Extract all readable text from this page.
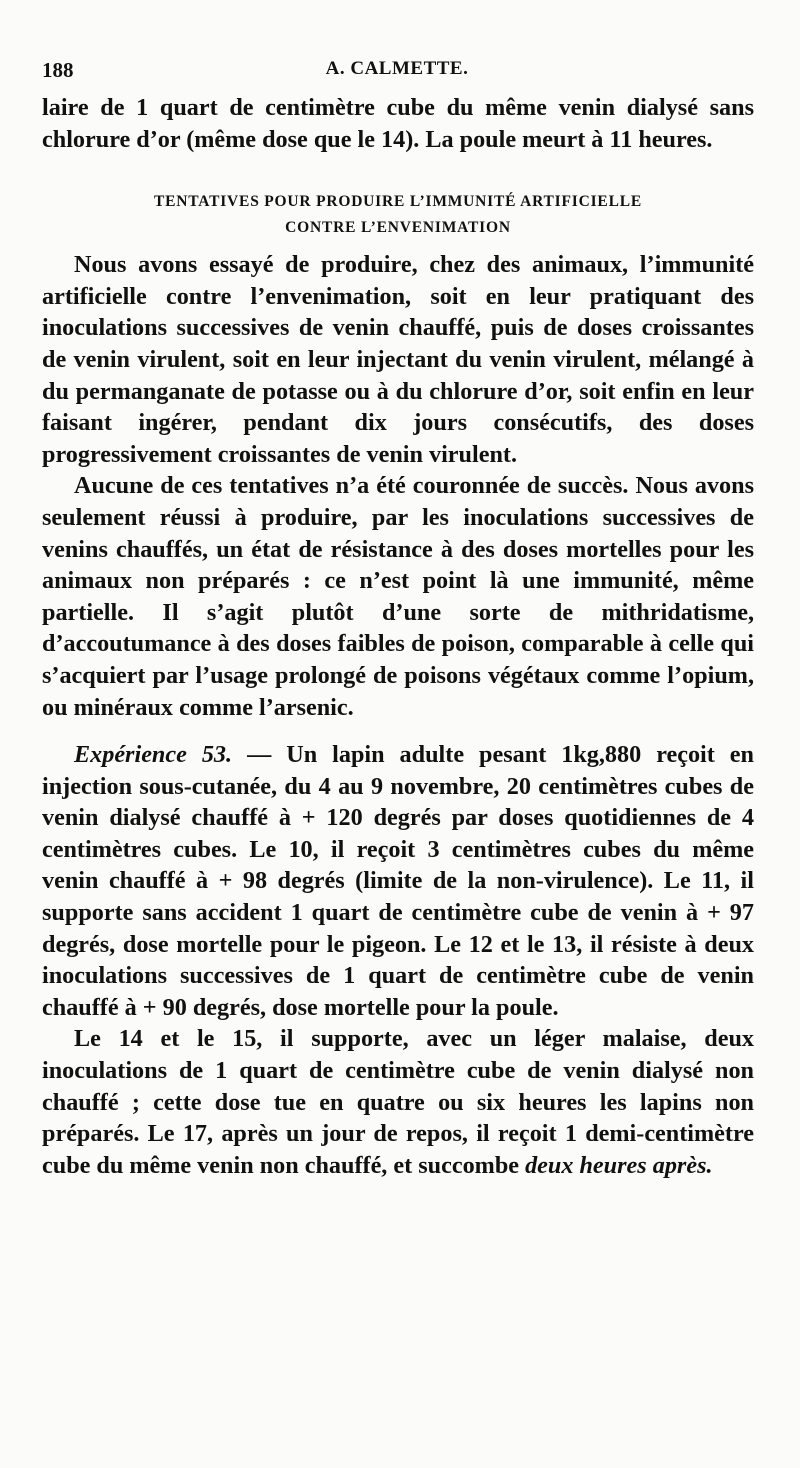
188	A. CALMETTE.

laire de 1 quart de centimètre cube du même venin dialysé sans chlorure d’or (même dose que le 14). La poule meurt à 11 heures.

TENTATIVES POUR PRODUIRE L’IMMUNITÉ ARTIFICIELLE
CONTRE L’ENVENIMATION

Nous avons essayé de produire, chez des animaux, l’immunité artificielle contre l’envenimation, soit en leur pratiquant des inoculations successives de venin chauffé, puis de doses croissantes de venin virulent, soit en leur injectant du venin virulent, mélangé à du permanganate de potasse ou à du chlorure d’or, soit enfin en leur faisant ingérer, pendant dix jours consécutifs, des doses progressivement croissantes de venin virulent.

Aucune de ces tentatives n’a été couronnée de succès. Nous avons seulement réussi à produire, par les inoculations successives de venins chauffés, un état de résistance à des doses mortelles pour les animaux non préparés : ce n’est point là une immunité, même partielle. Il s’agit plutôt d’une sorte de mithridatisme, d’accoutumance à des doses faibles de poison, comparable à celle qui s’acquiert par l’usage prolongé de poisons végétaux comme l’opium, ou minéraux comme l’arsenic.

Expérience 53. — Un lapin adulte pesant 1kg,880 reçoit en injection sous-cutanée, du 4 au 9 novembre, 20 centimètres cubes de venin dialysé chauffé à + 120 degrés par doses quotidiennes de 4 centimètres cubes. Le 10, il reçoit 3 centimètres cubes du même venin chauffé à + 98 degrés (limite de la non-virulence). Le 11, il supporte sans accident 1 quart de centimètre cube de venin à + 97 degrés, dose mortelle pour le pigeon. Le 12 et le 13, il résiste à deux inoculations successives de 1 quart de centimètre cube de venin chauffé à + 90 degrés, dose mortelle pour la poule.

Le 14 et le 15, il supporte, avec un léger malaise, deux inoculations de 1 quart de centimètre cube de venin dialysé non chauffé ; cette dose tue en quatre ou six heures les lapins non préparés. Le 17, après un jour de repos, il reçoit 1 demi-centimètre cube du même venin non chauffé, et succombe deux heures après.
